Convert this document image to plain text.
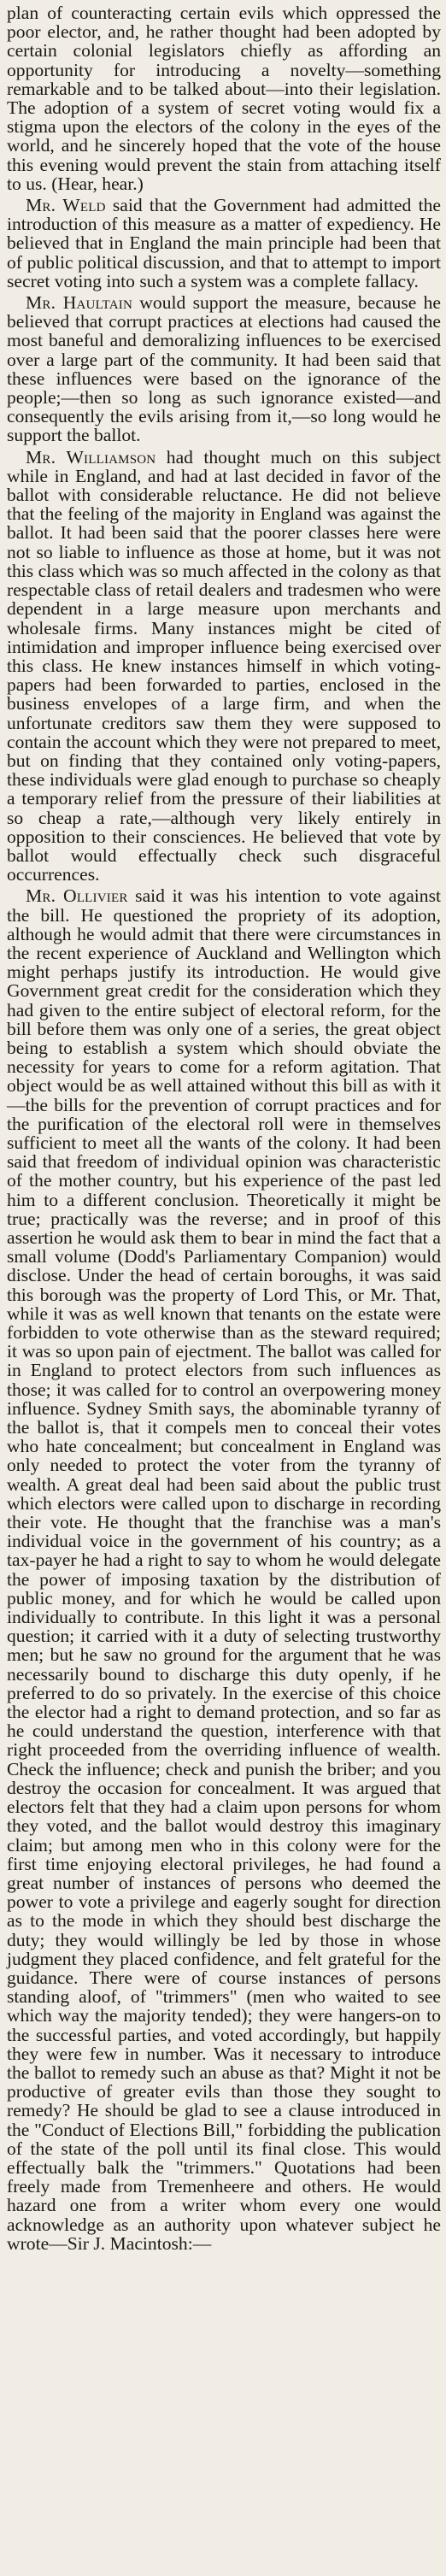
plan of counteracting certain evils which oppressed the poor elector, and, he rather thought had been adopted by certain colonial legislators chiefly as affording an opportunity for introducing a novelty—something remarkable and to be talked about—into their legislation. The adoption of a system of secret voting would fix a stigma upon the electors of the colony in the eyes of the world, and he sincerely hoped that the vote of the house this evening would prevent the stain from attaching itself to us. (Hear, hear.)

Mr. Weld said that the Government had admitted the introduction of this measure as a matter of expediency. He believed that in England the main principle had been that of public political discussion, and that to attempt to import secret voting into such a system was a complete fallacy.

Mr. Haultain would support the measure, because he believed that corrupt practices at elections had caused the most baneful and demoralizing influences to be exercised over a large part of the community. It had been said that these influences were based on the ignorance of the people;—then so long as such ignorance existed—and consequently the evils arising from it,—so long would he support the ballot.

Mr. Williamson had thought much on this subject while in England, and had at last decided in favor of the ballot with considerable reluctance. He did not believe that the feeling of the majority in England was against the ballot. It had been said that the poorer classes here were not so liable to influence as those at home, but it was not this class which was so much affected in the colony as that respectable class of retail dealers and tradesmen who were dependent in a large measure upon merchants and wholesale firms. Many instances might be cited of intimidation and improper influence being exercised over this class. He knew instances himself in which voting-papers had been forwarded to parties, enclosed in the business envelopes of a large firm, and when the unfortunate creditors saw them they were supposed to contain the account which they were not prepared to meet, but on finding that they contained only voting-papers, these individuals were glad enough to purchase so cheaply a temporary relief from the pressure of their liabilities at so cheap a rate,—although very likely entirely in opposition to their consciences. He believed that vote by ballot would effectually check such disgraceful occurrences.

Mr. Ollivier said it was his intention to vote against the bill. He questioned the propriety of its adoption, although he would admit that there were circumstances in the recent experience of Auckland and Wellington which might perhaps justify its introduction. He would give Government great credit for the consideration which they had given to the entire subject of electoral reform, for the bill before them was only one of a series, the great object being to establish a system which should obviate the necessity for years to come for a reform agitation. That object would be as well attained without this bill as with it—the bills for the prevention of corrupt practices and for the purification of the electoral roll were in themselves sufficient to meet all the wants of the colony. It had been said that freedom of individual opinion was characteristic of the mother country, but his experience of the past led him to a different conclusion. Theoretically it might be true; practically was the reverse; and in proof of this assertion he would ask them to bear in mind the fact that a small volume (Dodd's Parliamentary Companion) would disclose. Under the head of certain boroughs, it was said this borough was the property of Lord This, or Mr. That, while it was as well known that tenants on the estate were forbidden to vote otherwise than as the steward required; it was so upon pain of ejectment. The ballot was called for in England to protect electors from such influences as those; it was called for to control an overpowering money influence. Sydney Smith says, the abominable tyranny of the ballot is, that it compels men to conceal their votes who hate concealment; but concealment in England was only needed to protect the voter from the tyranny of wealth. A great deal had been said about the public trust which electors were called upon to discharge in recording their vote. He thought that the franchise was a man's individual voice in the government of his country; as a tax-payer he had a right to say to whom he would delegate the power of imposing taxation by the distribution of public money, and for which he would be called upon individually to contribute. In this light it was a personal question; it carried with it a duty of selecting trustworthy men; but he saw no ground for the argument that he was necessarily bound to discharge this duty openly, if he preferred to do so privately. In the exercise of this choice the elector had a right to demand protection, and so far as he could understand the question, interference with that right proceeded from the overriding influence of wealth. Check the influence; check and punish the briber; and you destroy the occasion for concealment. It was argued that electors felt that they had a claim upon persons for whom they voted, and the ballot would destroy this imaginary claim; but among men who in this colony were for the first time enjoying electoral privileges, he had found a great number of instances of persons who deemed the power to vote a privilege and eagerly sought for direction as to the mode in which they should best discharge the duty; they would willingly be led by those in whose judgment they placed confidence, and felt grateful for the guidance. There were of course instances of persons standing aloof, of "trimmers" (men who waited to see which way the majority tended); they were hangers-on to the successful parties, and voted accordingly, but happily they were few in number. Was it necessary to introduce the ballot to remedy such an abuse as that? Might it not be productive of greater evils than those they sought to remedy? He should be glad to see a clause introduced in the "Conduct of Elections Bill," forbidding the publication of the state of the poll until its final close. This would effectually balk the "trimmers." Quotations had been freely made from Tremenheere and others. He would hazard one from a writer whom every one would acknowledge as an authority upon whatever subject he wrote—Sir J. Macintosh:—
